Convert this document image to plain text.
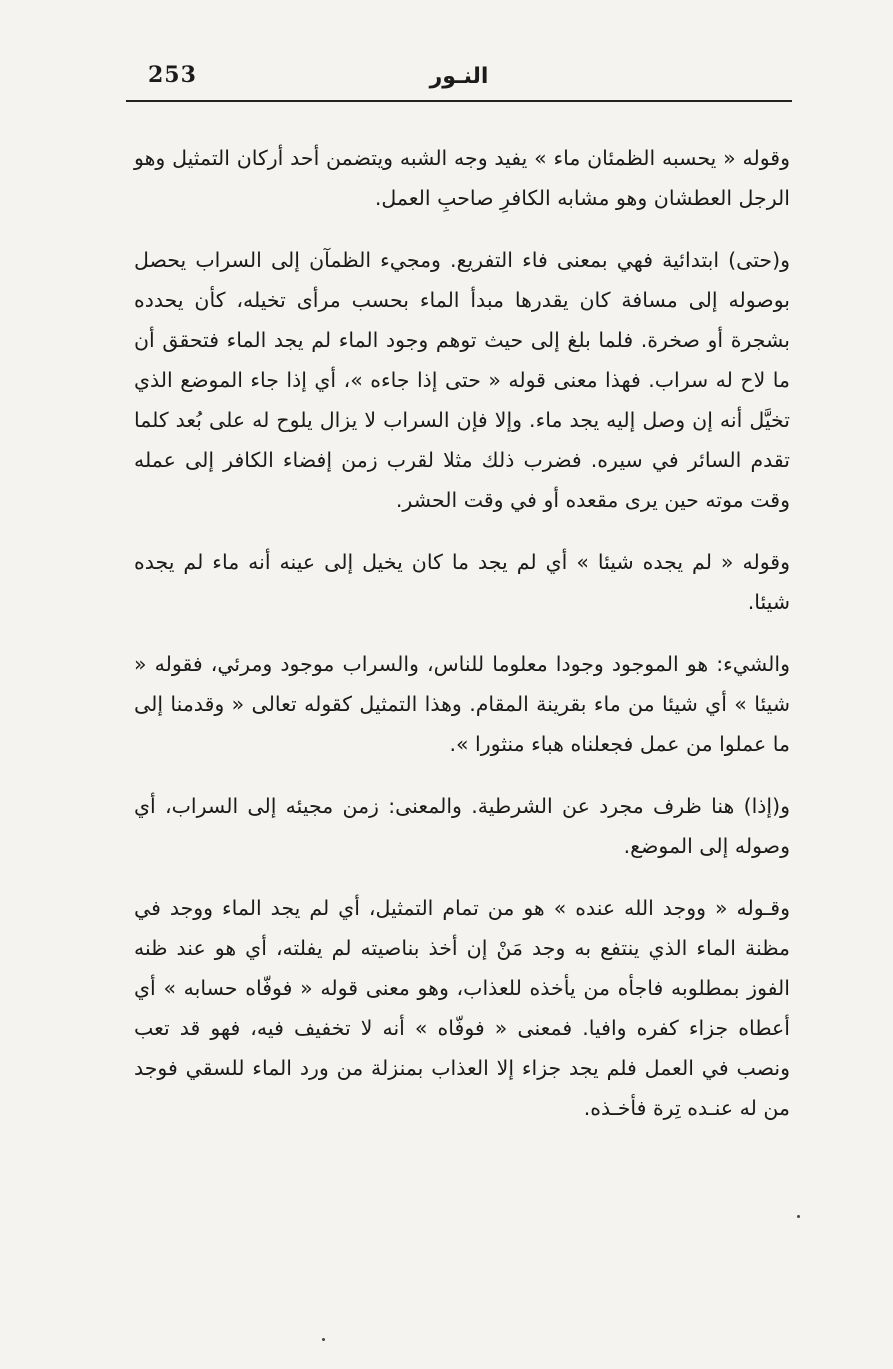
253	النـور

وقوله « يحسبه الظمئان ماء » يفيد وجه الشبه ويتضمن أحد أركان التمثيل وهو الرجل العطشان وهو مشابه الكافرِ صاحبِ العمل.

و(حتى) ابتدائية فهي بمعنى فاء التفريع. ومجيء الظمآن إلى السراب يحصل بوصوله إلى مسافة كان يقدرها مبدأ الماء بحسب مرأى تخيله، كأن يحدده بشجرة أو صخرة. فلما بلغ إلى حيث توهم وجود الماء لم يجد الماء فتحقق أن ما لاح له سراب. فهذا معنى قوله « حتى إذا جاءه »، أي إذا جاء الموضع الذي تخيَّل أنه إن وصل إليه يجد ماء. وإلا فإن السراب لا يزال يلوح له على بُعد كلما تقدم السائر في سيره. فضرب ذلك مثلا لقرب زمن إفضاء الكافر إلى عمله وقت موته حين يرى مقعده أو في وقت الحشر.

وقوله « لم يجده شيئا » أي لم يجد ما كان يخيل إلى عينه أنه ماء لم يجده شيئا.

والشيء: هو الموجود وجودا معلوما للناس، والسراب موجود ومرئي، فقوله « شيئا » أي شيئا من ماء بقرينة المقام. وهذا التمثيل كقوله تعالى « وقدمنا إلى ما عملوا من عمل فجعلناه هباء منثورا ».

و(إذا) هنا ظرف مجرد عن الشرطية. والمعنى: زمن مجيئه إلى السراب، أي وصوله إلى الموضع.

وقـوله « ووجد الله عنده » هو من تمام التمثيل، أي لم يجد الماء ووجد في مظنة الماء الذي ينتفع به وجد مَنْ إن أخذ بناصيته لم يفلته، أي هو عند ظنه الفوز بمطلوبه فاجأه من يأخذه للعذاب، وهو معنى قوله « فوفّاه حسابه » أي أعطاه جزاء كفره وافيا. فمعنى « فوفّاه » أنه لا تخفيف فيه، فهو قد تعب ونصب في العمل فلم يجد جزاء إلا العذاب بمنزلة من ورد الماء للسقي فوجد من له عنـده تِرة فأخـذه.
